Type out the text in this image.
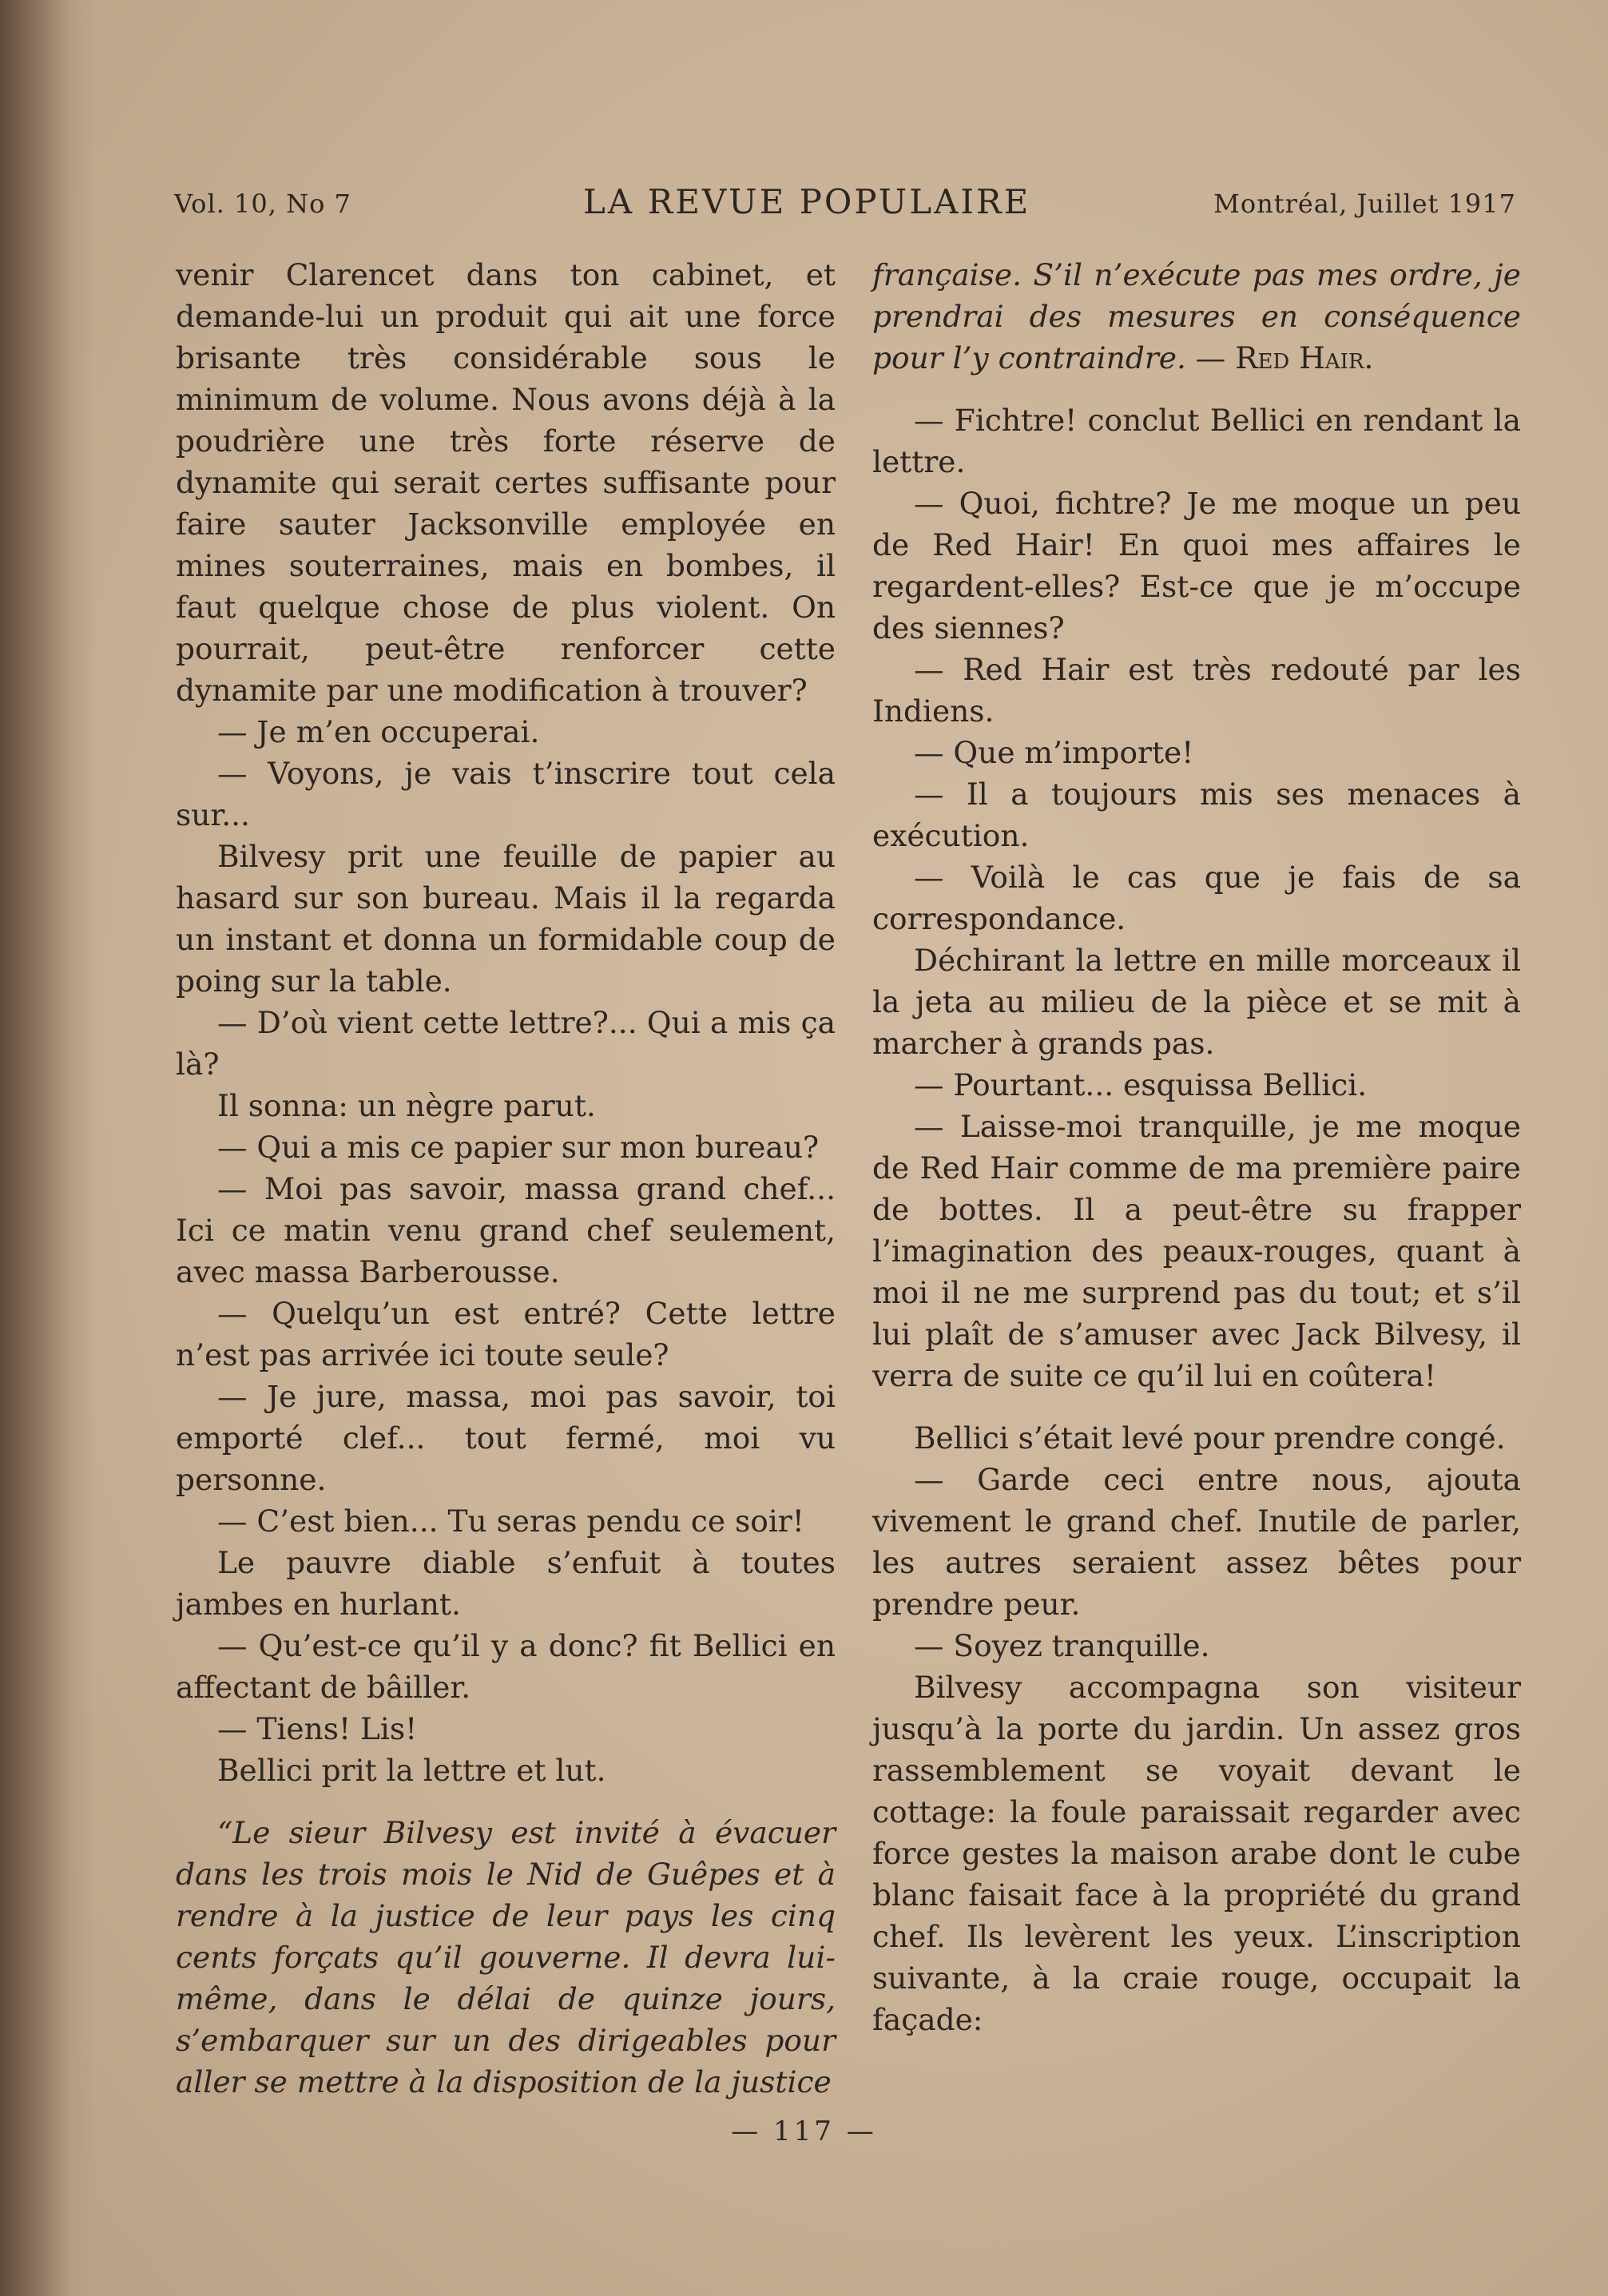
Vol. 10, No 7	LA REVUE POPULAIRE	Montréal, Juillet 1917

venir Clarencet dans ton cabinet, et demande-lui un produit qui ait une force brisante très considérable sous le minimum de volume. Nous avons déjà à la poudrière une très forte réserve de dynamite qui serait certes suffisante pour faire sauter Jacksonville employée en mines souterraines, mais en bombes, il faut quelque chose de plus violent. On pourrait, peut-être renforcer cette dynamite par une modification à trouver?

— Je m’en occuperai.

— Voyons, je vais t’inscrire tout cela sur...

Bilvesy prit une feuille de papier au hasard sur son bureau. Mais il la regarda un instant et donna un formidable coup de poing sur la table.

— D’où vient cette lettre?... Qui a mis ça là?

Il sonna: un nègre parut.

— Qui a mis ce papier sur mon bureau?

— Moi pas savoir, massa grand chef... Ici ce matin venu grand chef seulement, avec massa Barberousse.

— Quelqu’un est entré? Cette lettre n’est pas arrivée ici toute seule?

— Je jure, massa, moi pas savoir, toi emporté clef... tout fermé, moi vu personne.

— C’est bien... Tu seras pendu ce soir!

Le pauvre diable s’enfuit à toutes jambes en hurlant.

— Qu’est-ce qu’il y a donc? fit Bellici en affectant de bâiller.

— Tiens! Lis!

Bellici prit la lettre et lut.

“Le sieur Bilvesy est invité à évacuer dans les trois mois le Nid de Guêpes et à rendre à la justice de leur pays les cinq cents forçats qu’il gouverne. Il devra lui-même, dans le délai de quinze jours, s’embarquer sur un des dirigeables pour aller se mettre à la disposition de la justice

française. S’il n’exécute pas mes ordre, je prendrai des mesures en conséquence pour l’y contraindre. — Red Hair.

— Fichtre! conclut Bellici en rendant la lettre.

— Quoi, fichtre? Je me moque un peu de Red Hair! En quoi mes affaires le regardent-elles? Est-ce que je m’occupe des siennes?

— Red Hair est très redouté par les Indiens.

— Que m’importe!

— Il a toujours mis ses menaces à exécution.

— Voilà le cas que je fais de sa correspondance.

Déchirant la lettre en mille morceaux il la jeta au milieu de la pièce et se mit à marcher à grands pas.

— Pourtant... esquissa Bellici.

— Laisse-moi tranquille, je me moque de Red Hair comme de ma première paire de bottes. Il a peut-être su frapper l’imagination des peaux-rouges, quant à moi il ne me surprend pas du tout; et s’il lui plaît de s’amuser avec Jack Bilvesy, il verra de suite ce qu’il lui en coûtera!

Bellici s’était levé pour prendre congé.

— Garde ceci entre nous, ajouta vivement le grand chef. Inutile de parler, les autres seraient assez bêtes pour prendre peur.

— Soyez tranquille.

Bilvesy accompagna son visiteur jusqu’à la porte du jardin. Un assez gros rassemblement se voyait devant le cottage: la foule paraissait regarder avec force gestes la maison arabe dont le cube blanc faisait face à la propriété du grand chef. Ils levèrent les yeux. L’inscription suivante, à la craie rouge, occupait la façade:

— 117 —
